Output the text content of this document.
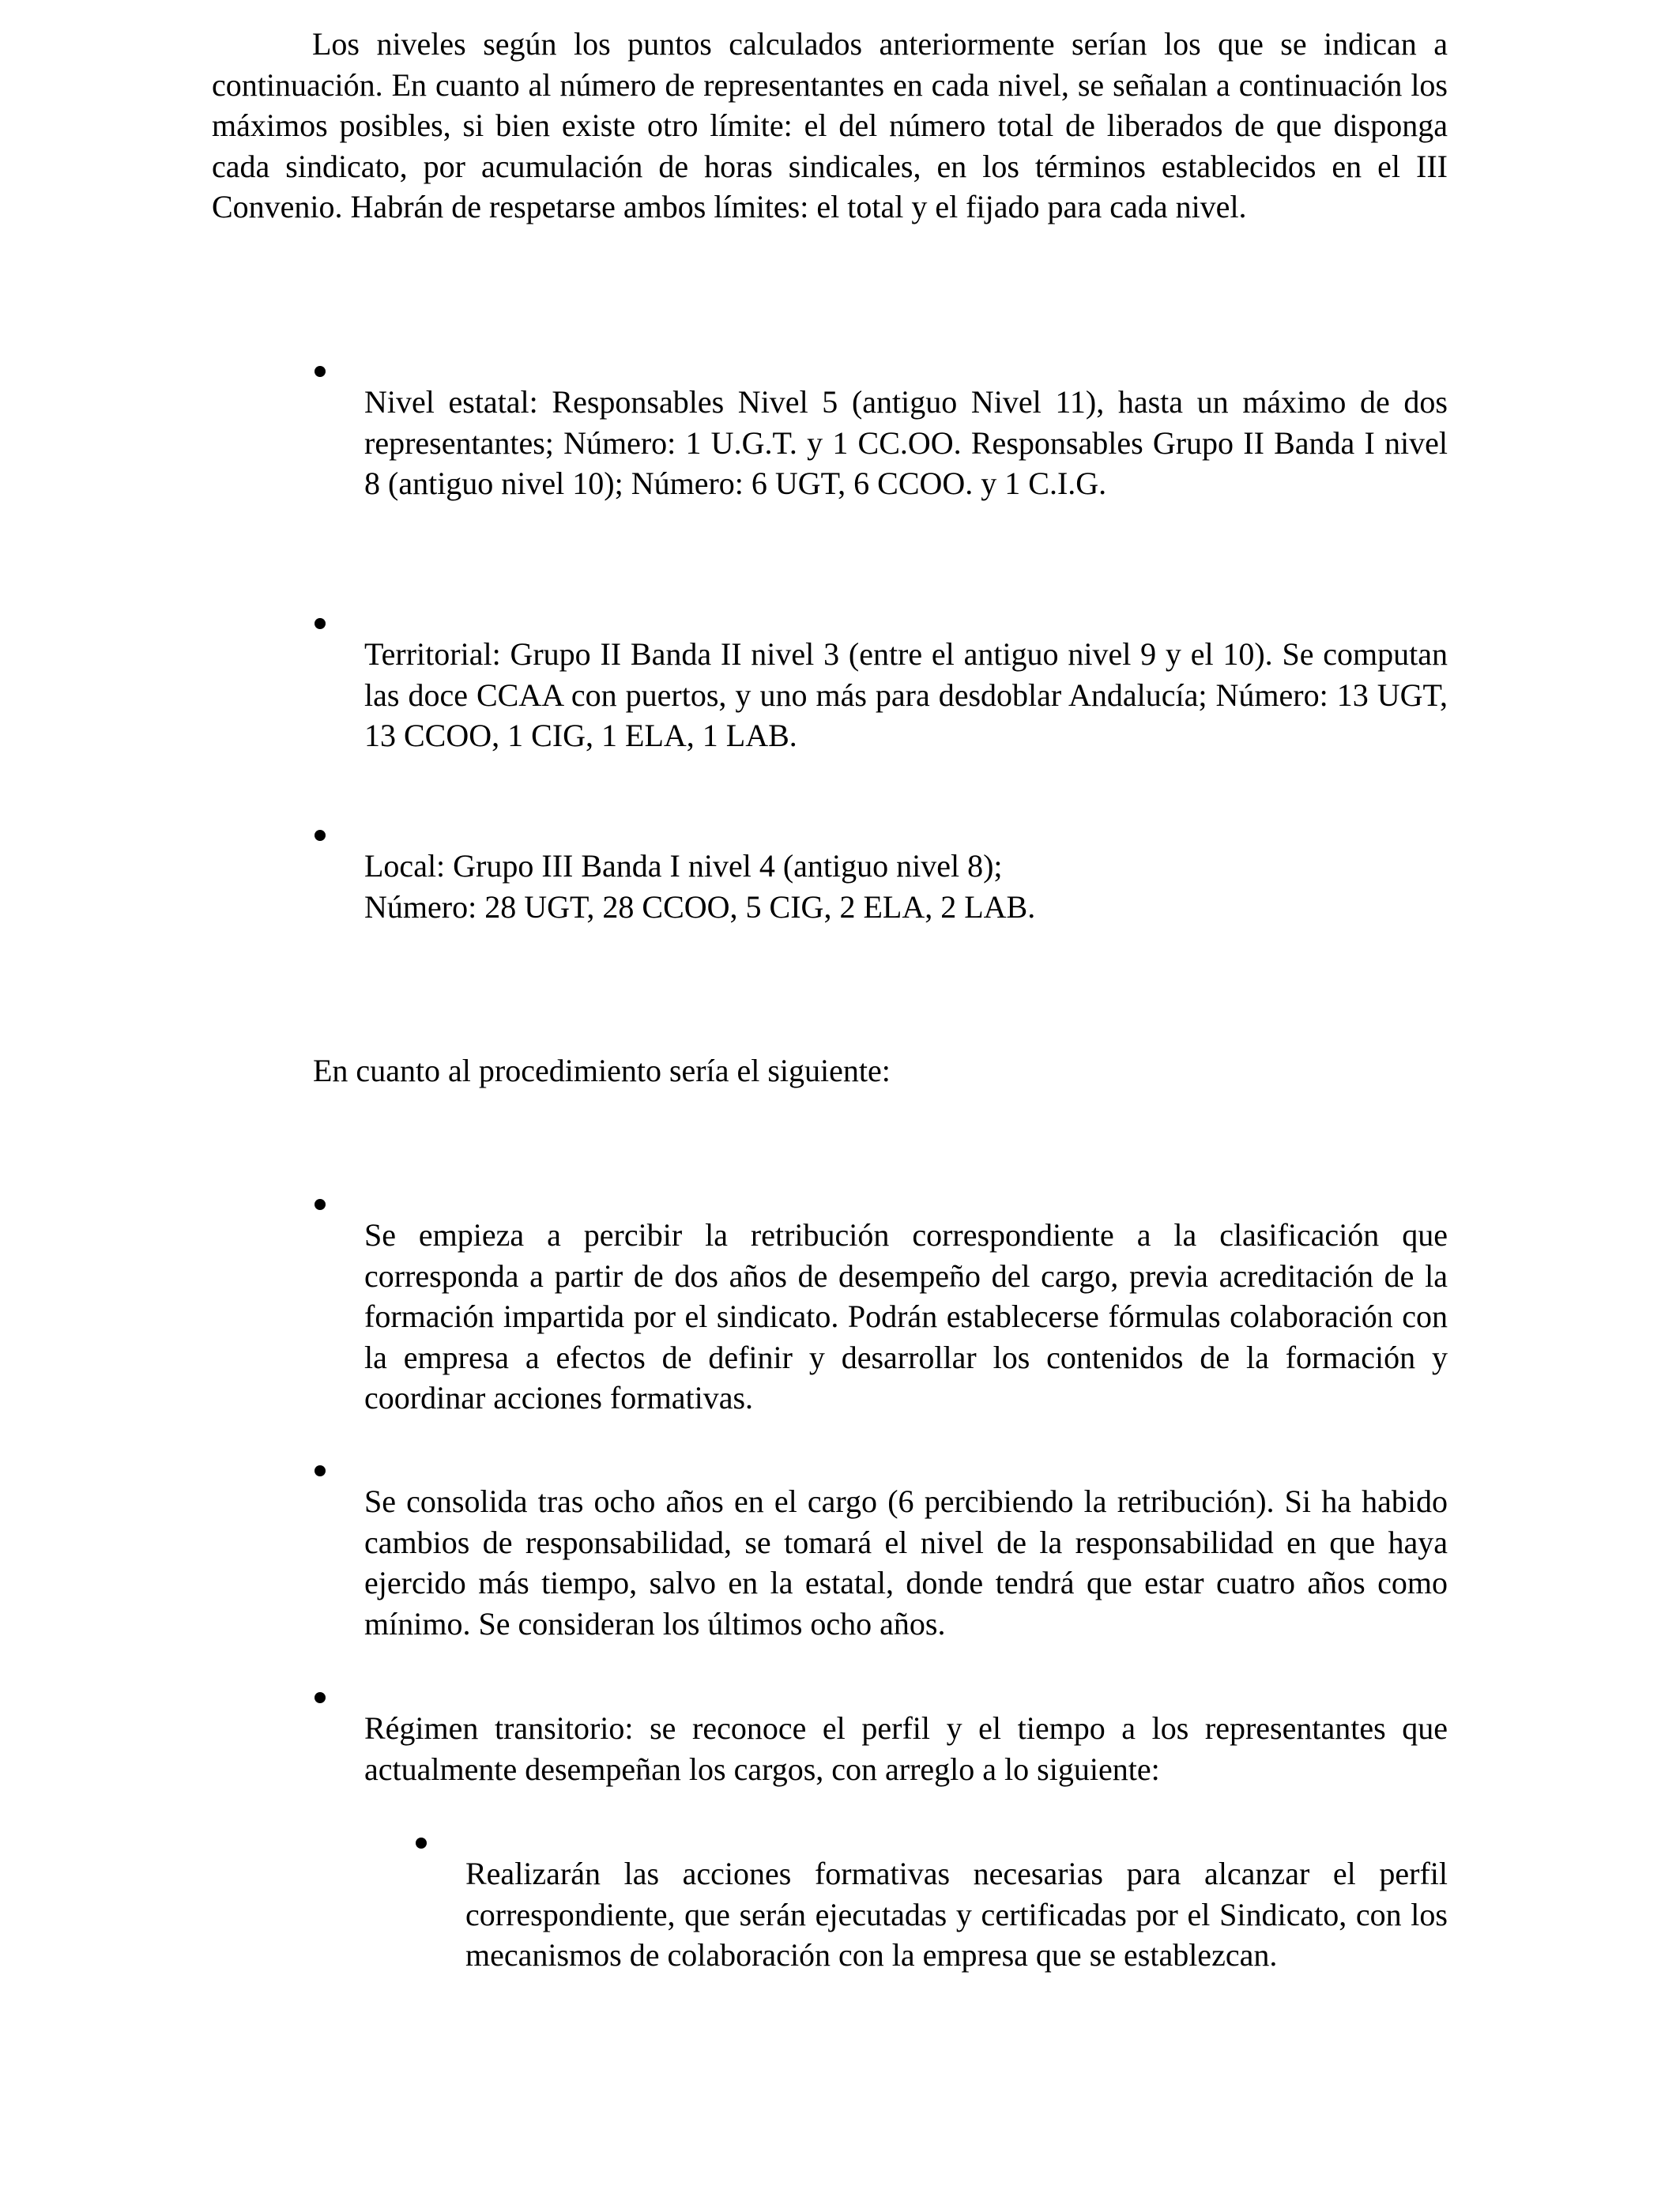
Los niveles según los puntos calculados anteriormente serían los que se indican a continuación. En cuanto al número de representantes en cada nivel, se señalan a continuación los máximos posibles, si bien existe otro límite: el del número total de liberados de que disponga cada sindicato, por acumulación de horas sindicales, en los términos establecidos en el III Convenio. Habrán de respetarse ambos límites: el total y el fijado para cada nivel.

Nivel estatal: Responsables Nivel 5 (antiguo Nivel 11), hasta un máximo de dos representantes; Número: 1 U.G.T. y 1 CC.OO. Responsables Grupo II Banda I nivel 8 (antiguo nivel 10); Número: 6 UGT, 6 CCOO. y 1 C.I.G.

Territorial: Grupo II Banda II nivel 3 (entre el antiguo nivel 9 y el 10). Se computan las doce CCAA con puertos, y uno más para desdoblar Andalucía; Número: 13 UGT, 13 CCOO, 1 CIG, 1 ELA, 1 LAB.

Local: Grupo III Banda I nivel 4 (antiguo nivel 8);
Número: 28 UGT, 28 CCOO, 5 CIG, 2 ELA, 2 LAB.

En cuanto al procedimiento sería el siguiente:

Se empieza a percibir la retribución correspondiente a la clasificación que corresponda a partir de dos años de desempeño del cargo, previa acreditación de la formación impartida por el sindicato. Podrán establecerse fórmulas colaboración con la empresa a efectos de definir y desarrollar los contenidos de la formación y coordinar acciones formativas.

Se consolida tras ocho años en el cargo (6 percibiendo la retribución). Si ha habido cambios de responsabilidad, se tomará el nivel de la responsabilidad en que haya ejercido más tiempo, salvo en la estatal, donde tendrá que estar cuatro años como mínimo. Se consideran los últimos ocho años.

Régimen transitorio: se reconoce el perfil y el tiempo a los representantes que actualmente desempeñan los cargos, con arreglo a lo siguiente:

Realizarán las acciones formativas necesarias para alcanzar el perfil correspondiente, que serán ejecutadas y certificadas por el Sindicato, con los mecanismos de colaboración con la empresa que se establezcan.
